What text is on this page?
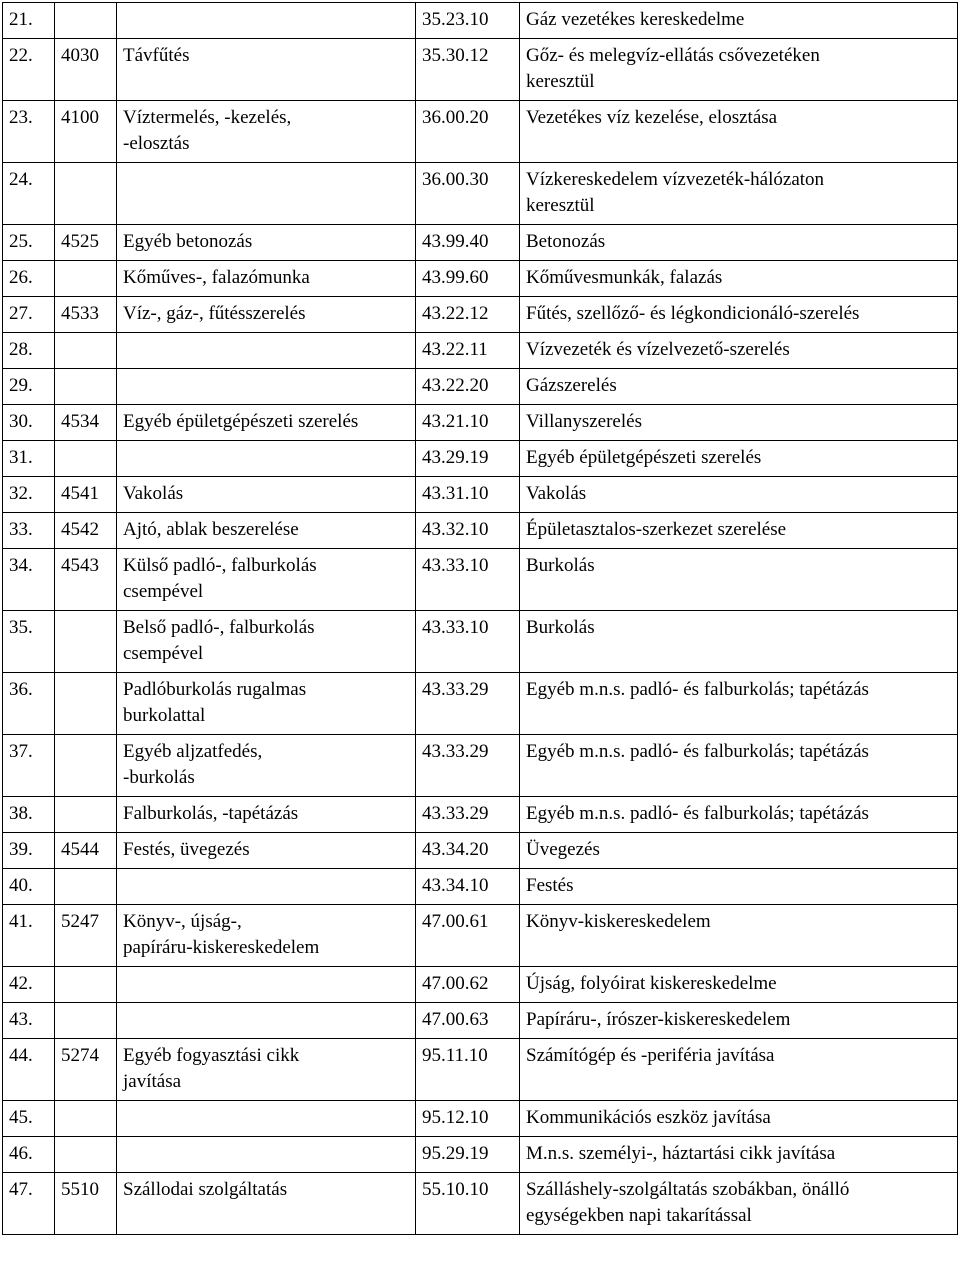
21.			35.23.10	Gáz vezetékes kereskedelme
22.	4030	Távfűtés	35.30.12	Gőz- és melegvíz-ellátás csővezetéken
keresztül
23.	4100	Víztermelés, -kezelés,
-elosztás	36.00.20	Vezetékes víz kezelése, elosztása
24.			36.00.30	Vízkereskedelem vízvezeték-hálózaton
keresztül
25.	4525	Egyéb betonozás	43.99.40	Betonozás
26.		Kőműves-, falazómunka	43.99.60	Kőművesmunkák, falazás
27.	4533	Víz-, gáz-, fűtésszerelés	43.22.12	Fűtés, szellőző- és légkondicionáló-szerelés
28.			43.22.11	Vízvezeték és vízelvezető-szerelés
29.			43.22.20	Gázszerelés
30.	4534	Egyéb épületgépészeti szerelés	43.21.10	Villanyszerelés
31.			43.29.19	Egyéb épületgépészeti szerelés
32.	4541	Vakolás	43.31.10	Vakolás
33.	4542	Ajtó, ablak beszerelése	43.32.10	Épületasztalos-szerkezet szerelése
34.	4543	Külső padló-, falburkolás
csempével	43.33.10	Burkolás
35.		Belső padló-, falburkolás
csempével	43.33.10	Burkolás
36.		Padlóburkolás rugalmas
burkolattal	43.33.29	Egyéb m.n.s. padló- és falburkolás; tapétázás
37.		Egyéb aljzatfedés,
-burkolás	43.33.29	Egyéb m.n.s. padló- és falburkolás; tapétázás
38.		Falburkolás, -tapétázás	43.33.29	Egyéb m.n.s. padló- és falburkolás; tapétázás
39.	4544	Festés, üvegezés	43.34.20	Üvegezés
40.			43.34.10	Festés
41.	5247	Könyv-, újság-,
papíráru-kiskereskedelem	47.00.61	Könyv-kiskereskedelem
42.			47.00.62	Újság, folyóirat kiskereskedelme
43.			47.00.63	Papíráru-, írószer-kiskereskedelem
44.	5274	Egyéb fogyasztási cikk
javítása	95.11.10	Számítógép és -periféria javítása
45.			95.12.10	Kommunikációs eszköz javítása
46.			95.29.19	M.n.s. személyi-, háztartási cikk javítása
47.	5510	Szállodai szolgáltatás	55.10.10	Szálláshely-szolgáltatás szobákban, önálló
egységekben napi takarítással
